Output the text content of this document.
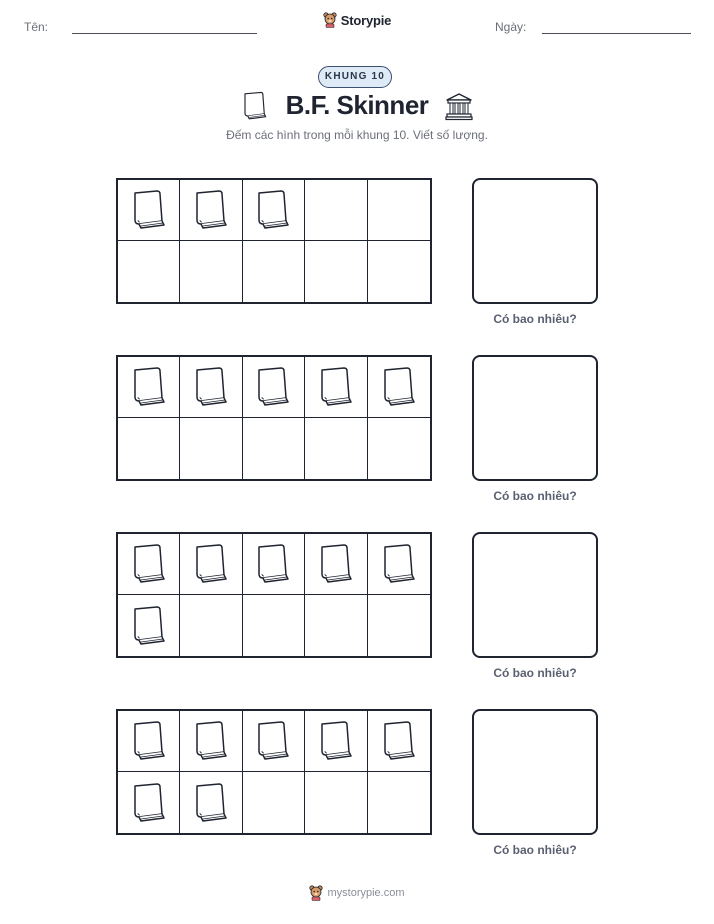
Tên:	Storypie	Ngày:
KHUNG 10
B.F. Skinner
Đếm các hình trong mỗi khung 10. Viết số lượng.
Có bao nhiêu?
Có bao nhiêu?
Có bao nhiêu?
Có bao nhiêu?
mystorypie.com
